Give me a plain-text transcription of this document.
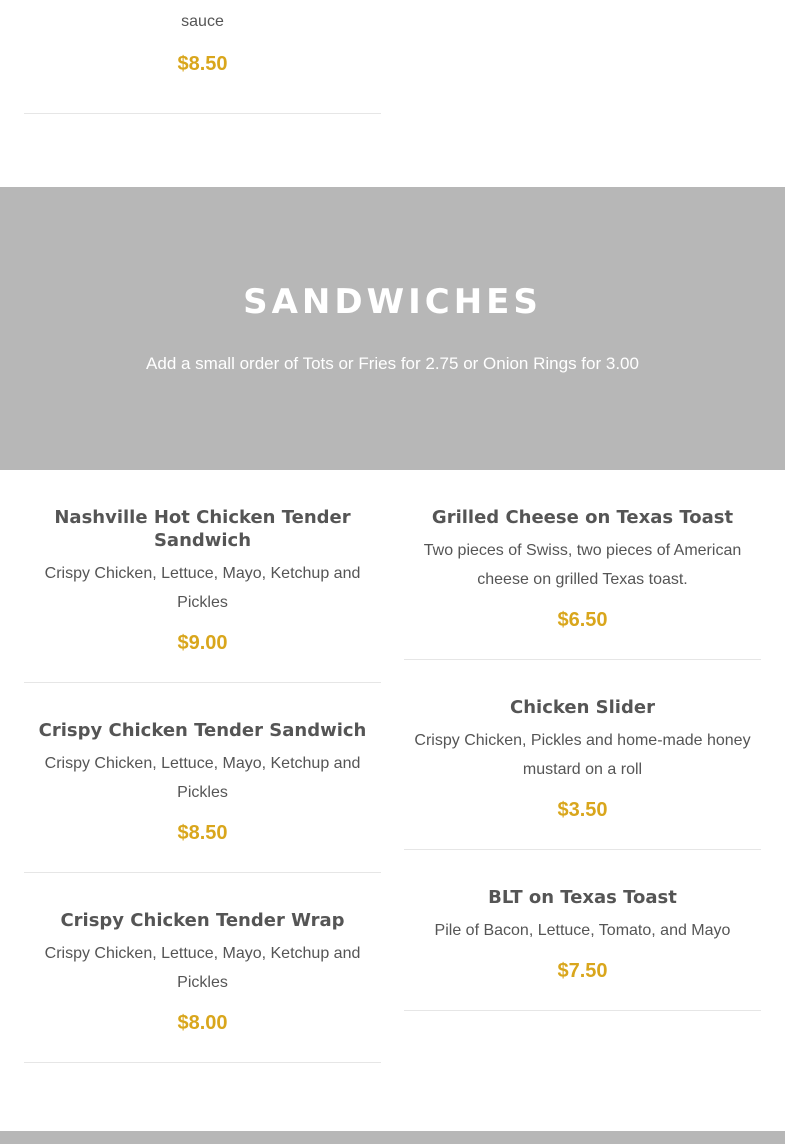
sauce
$8.50
SANDWICHES
Add a small order of Tots or Fries for 2.75 or Onion Rings for 3.00
Nashville Hot Chicken Tender Sandwich
Crispy Chicken, Lettuce, Mayo, Ketchup and Pickles
$9.00
Crispy Chicken Tender Sandwich
Crispy Chicken, Lettuce, Mayo, Ketchup and Pickles
$8.50
Crispy Chicken Tender Wrap
Crispy Chicken, Lettuce, Mayo, Ketchup and Pickles
$8.00
Grilled Cheese on Texas Toast
Two pieces of Swiss, two pieces of American cheese on grilled Texas toast.
$6.50
Chicken Slider
Crispy Chicken, Pickles and home-made honey mustard on a roll
$3.50
BLT on Texas Toast
Pile of Bacon, Lettuce, Tomato, and Mayo
$7.50
